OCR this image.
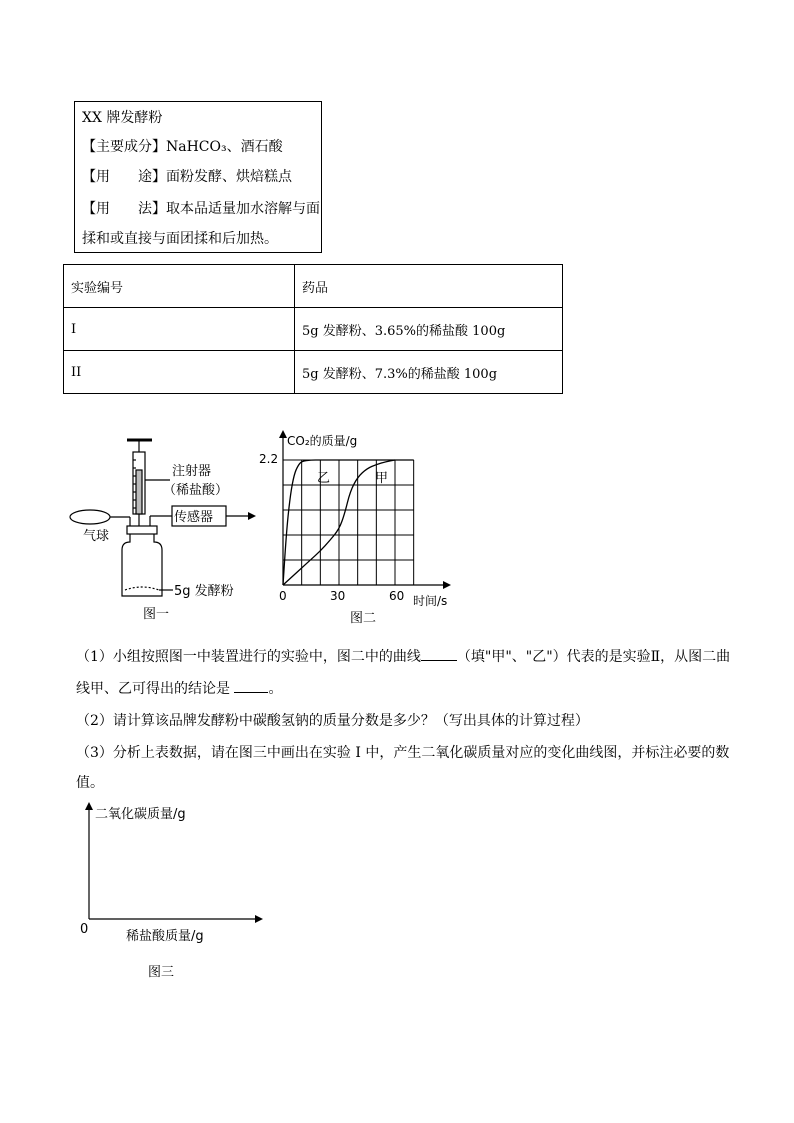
XX 牌发酵粉
【主要成分】NaHCO₃、酒石酸
【用　　途】面粉发酵、烘焙糕点
【用　　法】取本品适量加水溶解与面
揉和或直接与面团揉和后加热。
实验编号	药品
I	5g 发酵粉、3.65%的稀盐酸 100g
II	5g 发酵粉、7.3%的稀盐酸 100g
注射器
（稀盐酸）
传感器
气球
5g 发酵粉
图一
CO₂的质量/g
2.2
0	30	60 时间/s
乙	甲
图二
（1）小组按照图一中装置进行的实验中，图二中的曲线	（填"甲"、"乙"）代表的是实验Ⅱ，从图二曲
线甲、乙可得出的结论是	。
（2）请计算该品牌发酵粉中碳酸氢钠的质量分数是多少？（写出具体的计算过程）
（3）分析上表数据，请在图三中画出在实验 I 中，产生二氧化碳质量对应的变化曲线图，并标注必要的数
值。
二氧化碳质量/g
0	稀盐酸质量/g
图三
